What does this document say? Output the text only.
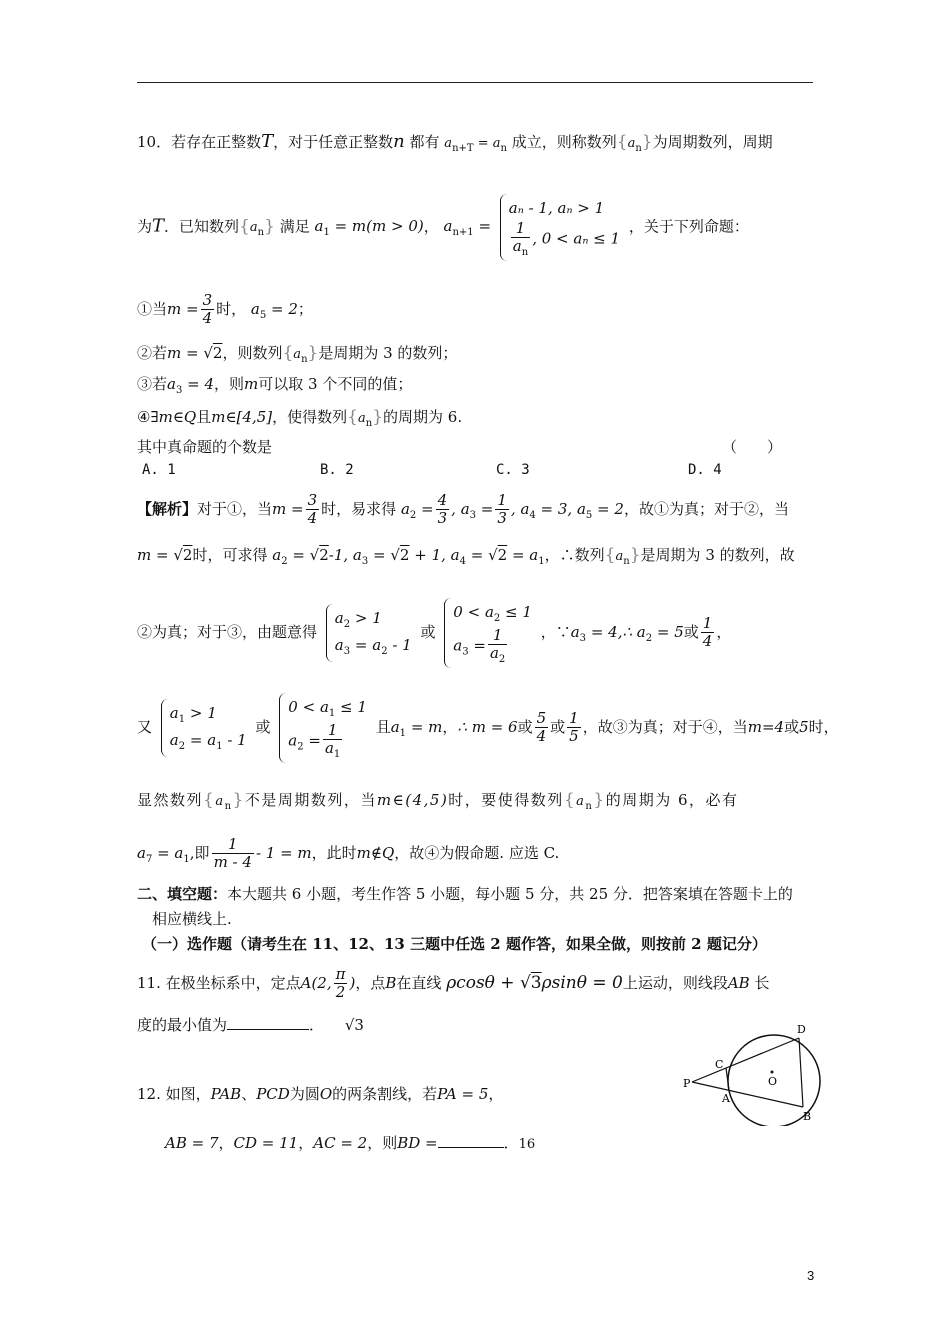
10．若存在正整数T，对于任意正整数n 都有 $a_{n+T} = a_n$ 成立，则称数列$\{a_n\}$为周期数列，周期
为T．已知数列$\{a_n\}$ 满足 $a_1 = m(m > 0)$， $a_{n+1}$ =
aₙ - 1, aₙ > 1
$\frac{1}{a_n}$ , 0 < aₙ ≤ 1
，关于下列命题：
①当$m = \frac{3}{4}$ 时， $a_5 = 2$；
②若m = √2，则数列$\{a_n\}$是周期为 3 的数列；
③若$a_3 = 4$，则m可以取 3 个不同的值；
④∃m∈Q且m∈[4,5]，使得数列$\{a_n\}$的周期为 6.
其中真命题的个数是	（　　）
A. 1	B. 2	C. 3	D. 4
【解析】对于①，当$m = \frac{3}{4}$ 时，易求得 $a_2 = \frac{4}{3}$ , $a_3 = \frac{1}{3}$ , $a_4 = 3$, $a_5 = 2$，故①为真；对于②，当
m = √2时，可求得 $a_2 = √2-1$, $a_3 = √2 + 1$, $a_4 = √2 = a_1$，∴数列$\{a_n\}$是周期为 3 的数列，故
②为真；对于③，由题意得
$a_2 > 1$
$a_3 = a_2 - 1$
或
$0 < a_2 \le 1$
$a_3 = \frac{1}{a_2}$ ，$\because a_3$ = 4,∴ $a_2 = 5$或 $\frac{1}{4}$ ，
又
$a_1 > 1$
$a_2 = a_1 - 1$
或
$0 < a_1 \le 1$
$a_2 = \frac{1}{a_1}$ 且$a_1 = m$，∴ m = 6或 $\frac{5}{4}$ 或 $\frac{1}{5}$ ，故③为真；对于④，当m=4或5时，
显然数列$\{a_n\}$不是周期数列，当m∈(4,5)时，要使得数列$\{a_n\}$的周期为 6，必有
$a_7 = a_1$,即 $\frac{1}{m - 4} - 1 = m$，此时m∉Q，故④为假命题. 应选 C.
二、填空题：本大题共 6 小题，考生作答 5 小题，每小题 5 分，共 25 分．把答案填在答题卡上的
相应横线上.
（一）选作题（请考生在 11、12、13 三题中任选 2 题作答，如果全做，则按前 2 题记分）
11. 在极坐标系中，定点A(2, $\frac{\pi}{2}$ )，点B在直线 ρcosθ + √3ρsinθ = 0上运动，则线段AB 长
度的最小值为	． √3
12. 如图，PAB、PCD为圆O的两条割线，若PA = 5，
AB = 7，CD = 11，AC = 2，则BD =	．16
P
A
B
C
D
O
3
